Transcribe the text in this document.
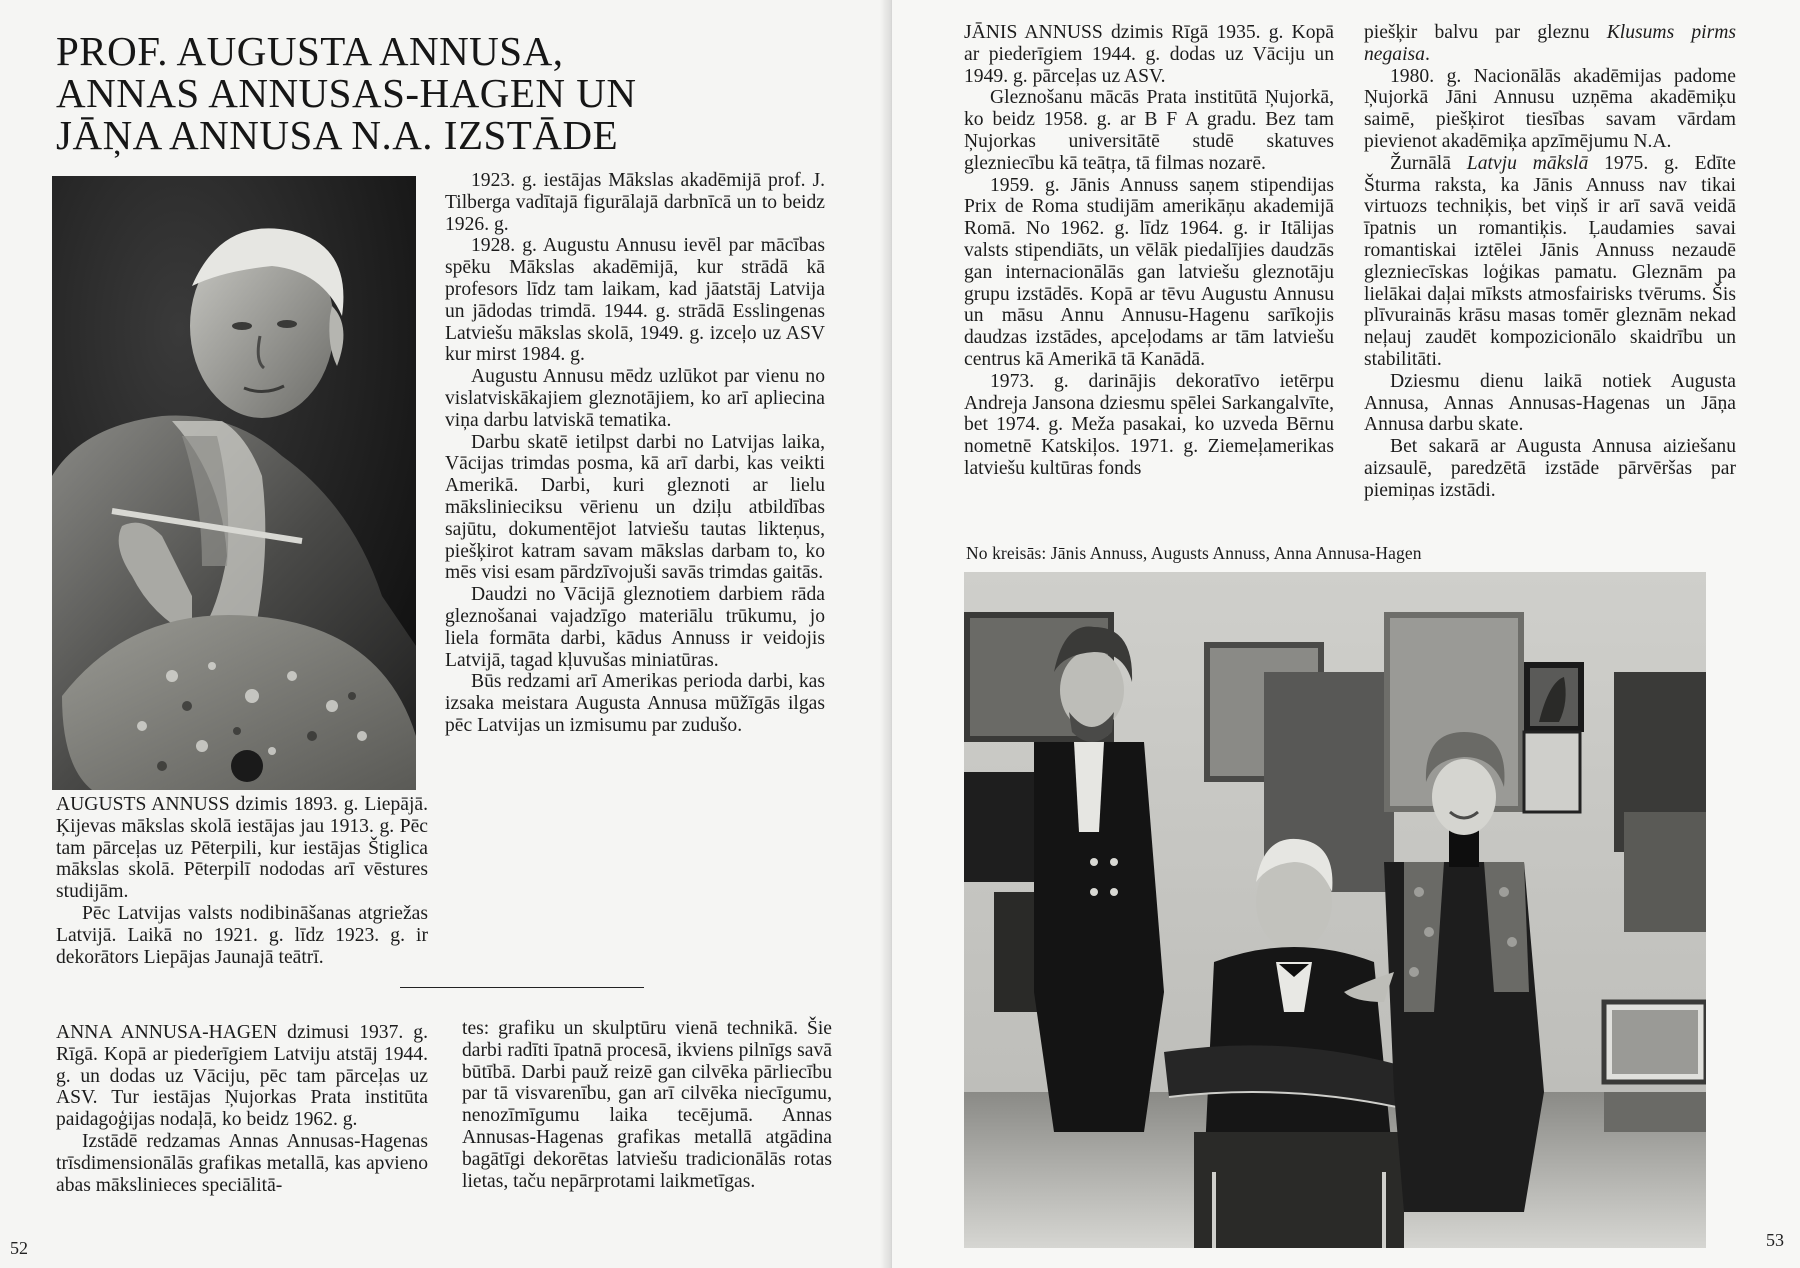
PROF. AUGUSTA ANNUSA,
ANNAS ANNUSAS-HAGEN UN
JĀŅA ANNUSA N.A. IZSTĀDE

AUGUSTS ANNUSS dzimis 1893. g. Liepājā. Ķijevas mākslas skolā iestājas jau 1913. g. Pēc tam pārceļas uz Pēterpili, kur iestājas Štiglica mākslas skolā. Pēterpilī nododas arī vēstures studijām.

Pēc Latvijas valsts nodibināšanas atgriežas Latvijā. Laikā no 1921. g. līdz 1923. g. ir dekorātors Liepājas Jaunajā teātrī.

1923. g. iestājas Mākslas akadēmijā prof. J. Tilberga vadītajā figurālajā darbnīcā un to beidz 1926. g.

1928. g. Augustu Annusu ievēl par mācības spēku Mākslas akadēmijā, kur strādā kā profesors līdz tam laikam, kad jāatstāj Latvija un jādodas trimdā. 1944. g. strādā Esslingenas Latviešu mākslas skolā, 1949. g. izceļo uz ASV kur mirst 1984. g.

Augustu Annusu mēdz uzlūkot par vienu no vislatviskākajiem gleznotājiem, ko arī apliecina viņa darbu latviskā tematika.

Darbu skatē ietilpst darbi no Latvijas laika, Vācijas trimdas posma, kā arī darbi, kas veikti Amerikā. Darbi, kuri gleznoti ar lielu mākslinieciksu vērienu un dziļu atbildības sajūtu, dokumentējot latviešu tautas likteņus, piešķirot katram savam mākslas darbam to, ko mēs visi esam pārdzīvojuši savās trimdas gaitās.

Daudzi no Vācijā gleznotiem darbiem rāda gleznošanai vajadzīgo materiālu trūkumu, jo liela formāta darbi, kādus Annuss ir veidojis Latvijā, tagad kļuvušas miniatūras.

Būs redzami arī Amerikas perioda darbi, kas izsaka meistara Augusta Annusa mūžīgās ilgas pēc Latvijas un izmisumu par zudušo.

ANNA ANNUSA-HAGEN dzimusi 1937. g. Rīgā. Kopā ar piederīgiem Latviju atstāj 1944. g. un dodas uz Vāciju, pēc tam pārceļas uz ASV. Tur iestājas Ņujorkas Prata institūta paidagoģijas nodaļā, ko beidz 1962. g.

Izstādē redzamas Annas Annusas-Hagenas trīsdimensionālās grafikas metallā, kas apvieno abas mākslinieces speciālitā-

tes: grafiku un skulptūru vienā technikā. Šie darbi radīti īpatnā procesā, ikviens pilnīgs savā būtībā. Darbi pauž reizē gan cilvēka pārliecību par tā visvarenību, gan arī cilvēka niecīgumu, nenozīmīgumu laika tecējumā. Annas Annusas-Hagenas grafikas metallā atgādina bagātīgi dekorētas latviešu tradicionālās rotas lietas, taču nepārprotami laikmetīgas.

52

JĀNIS ANNUSS dzimis Rīgā 1935. g. Kopā ar piederīgiem 1944. g. dodas uz Vāciju un 1949. g. pārceļas uz ASV.

Gleznošanu mācās Prata institūtā Ņujorkā, ko beidz 1958. g. ar B F A gradu. Bez tam Ņujorkas universitātē studē skatuves glezniecību kā teātŗa, tā filmas nozarē.

1959. g. Jānis Annuss saņem stipendijas Prix de Roma studijām amerikāņu akademijā Romā. No 1962. g. līdz 1964. g. ir Itālijas valsts stipendiāts, un vēlāk piedalījies daudzās gan internacionālās gan latviešu gleznotāju grupu izstādēs. Kopā ar tēvu Augustu Annusu un māsu Annu Annusu-Hagenu sarīkojis daudzas izstādes, apceļodams ar tām latviešu centrus kā Amerikā tā Kanādā.

1973. g. darinājis dekoratīvo ietērpu Andreja Jansona dziesmu spēlei Sarkangalvīte, bet 1974. g. Meža pasakai, ko uzveda Bērnu nometnē Katskiļos. 1971. g. Ziemeļamerikas latviešu kultūras fonds

piešķir balvu par gleznu Klusums pirms negaisa.

1980. g. Nacionālās akadēmijas padome Ņujorkā Jāni Annusu uzņēma akadēmiķu saimē, piešķirot tiesības savam vārdam pievienot akadēmiķa apzīmējumu N.A.

Žurnālā Latvju mākslā 1975. g. Edīte Šturma raksta, ka Jānis Annuss nav tikai virtuozs techniķis, bet viņš ir arī savā veidā īpatnis un romantiķis. Ļaudamies savai romantiskai iztēlei Jānis Annuss nezaudē glezniecīskas loģikas pamatu. Gleznām pa lielākai daļai mīksts atmosfairisks tvērums. Šis plīvurainās krāsu masas tomēr gleznām nekad neļauj zaudēt kompozicionālo skaidrību un stabilitāti.

Dziesmu dienu laikā notiek Augusta Annusa, Annas Annusas-Hagenas un Jāņa Annusa darbu skate.

Bet sakarā ar Augusta Annusa aiziešanu aizsaulē, paredzētā izstāde pārvēršas par piemiņas izstādi.

No kreisās: Jānis Annuss, Augusts Annuss, Anna Annusa-Hagen
53
